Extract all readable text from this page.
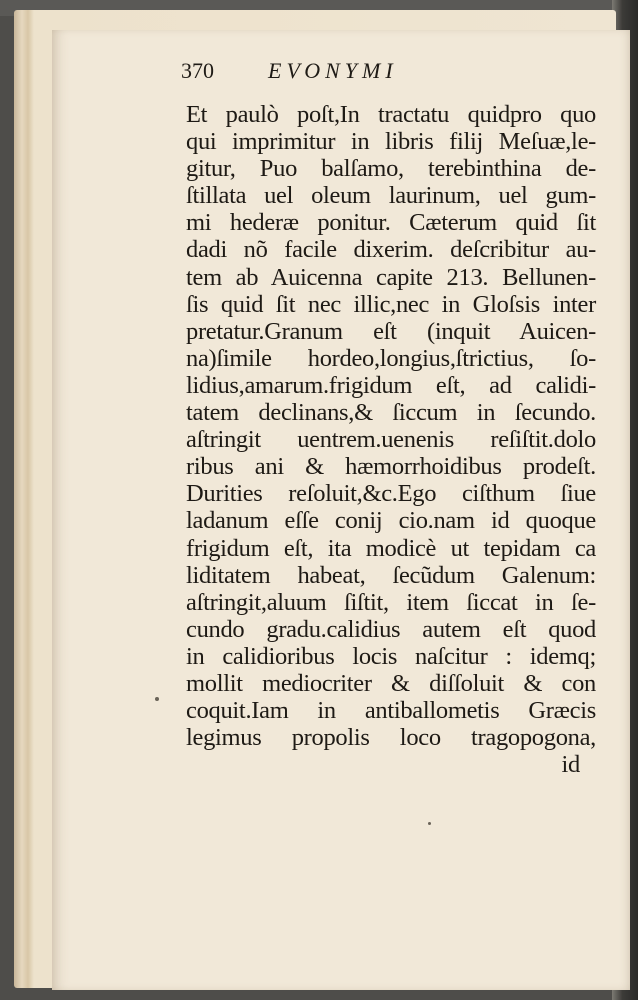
370 EVONYMI
Et paulò poſt,In tractatu quidpro quo
qui imprimitur in libris filij Meſuæ,le-
gitur, Puo balſamo, terebinthina de-
ſtillata uel oleum laurinum, uel gum-
mi hederæ ponitur. Cæterum quid ſit
dadi nõ facile dixerim. deſcribitur au-
tem ab Auicenna capite 213. Bellunen-
ſis quid ſit nec illic,nec in Gloſsis inter
pretatur.Granum eſt (inquit Auicen-
na)ſimile hordeo,longius,ſtrictius, ſo-
lidius,amarum.frigidum eſt, ad calidi-
tatem declinans,& ſiccum in ſecundo.
aſtringit uentrem.uenenis reſiſtit.dolo
ribus ani & hæmorrhoidibus prodeſt.
Durities reſoluit,&c.Ego ciſthum ſiue
ladanum eſſe conij cio.nam id quoque
frigidum eſt, ita modicè ut tepidam ca
liditatem habeat, ſecũdum Galenum:
aſtringit,aluum ſiſtit, item ſiccat in ſe-
cundo gradu.calidius autem eſt quod
in calidioribus locis naſcitur : idemq;
mollit mediocriter & diſſoluit & con
coquit.Iam in antiballometis Græcis
legimus propolis loco tragopogona,
id
